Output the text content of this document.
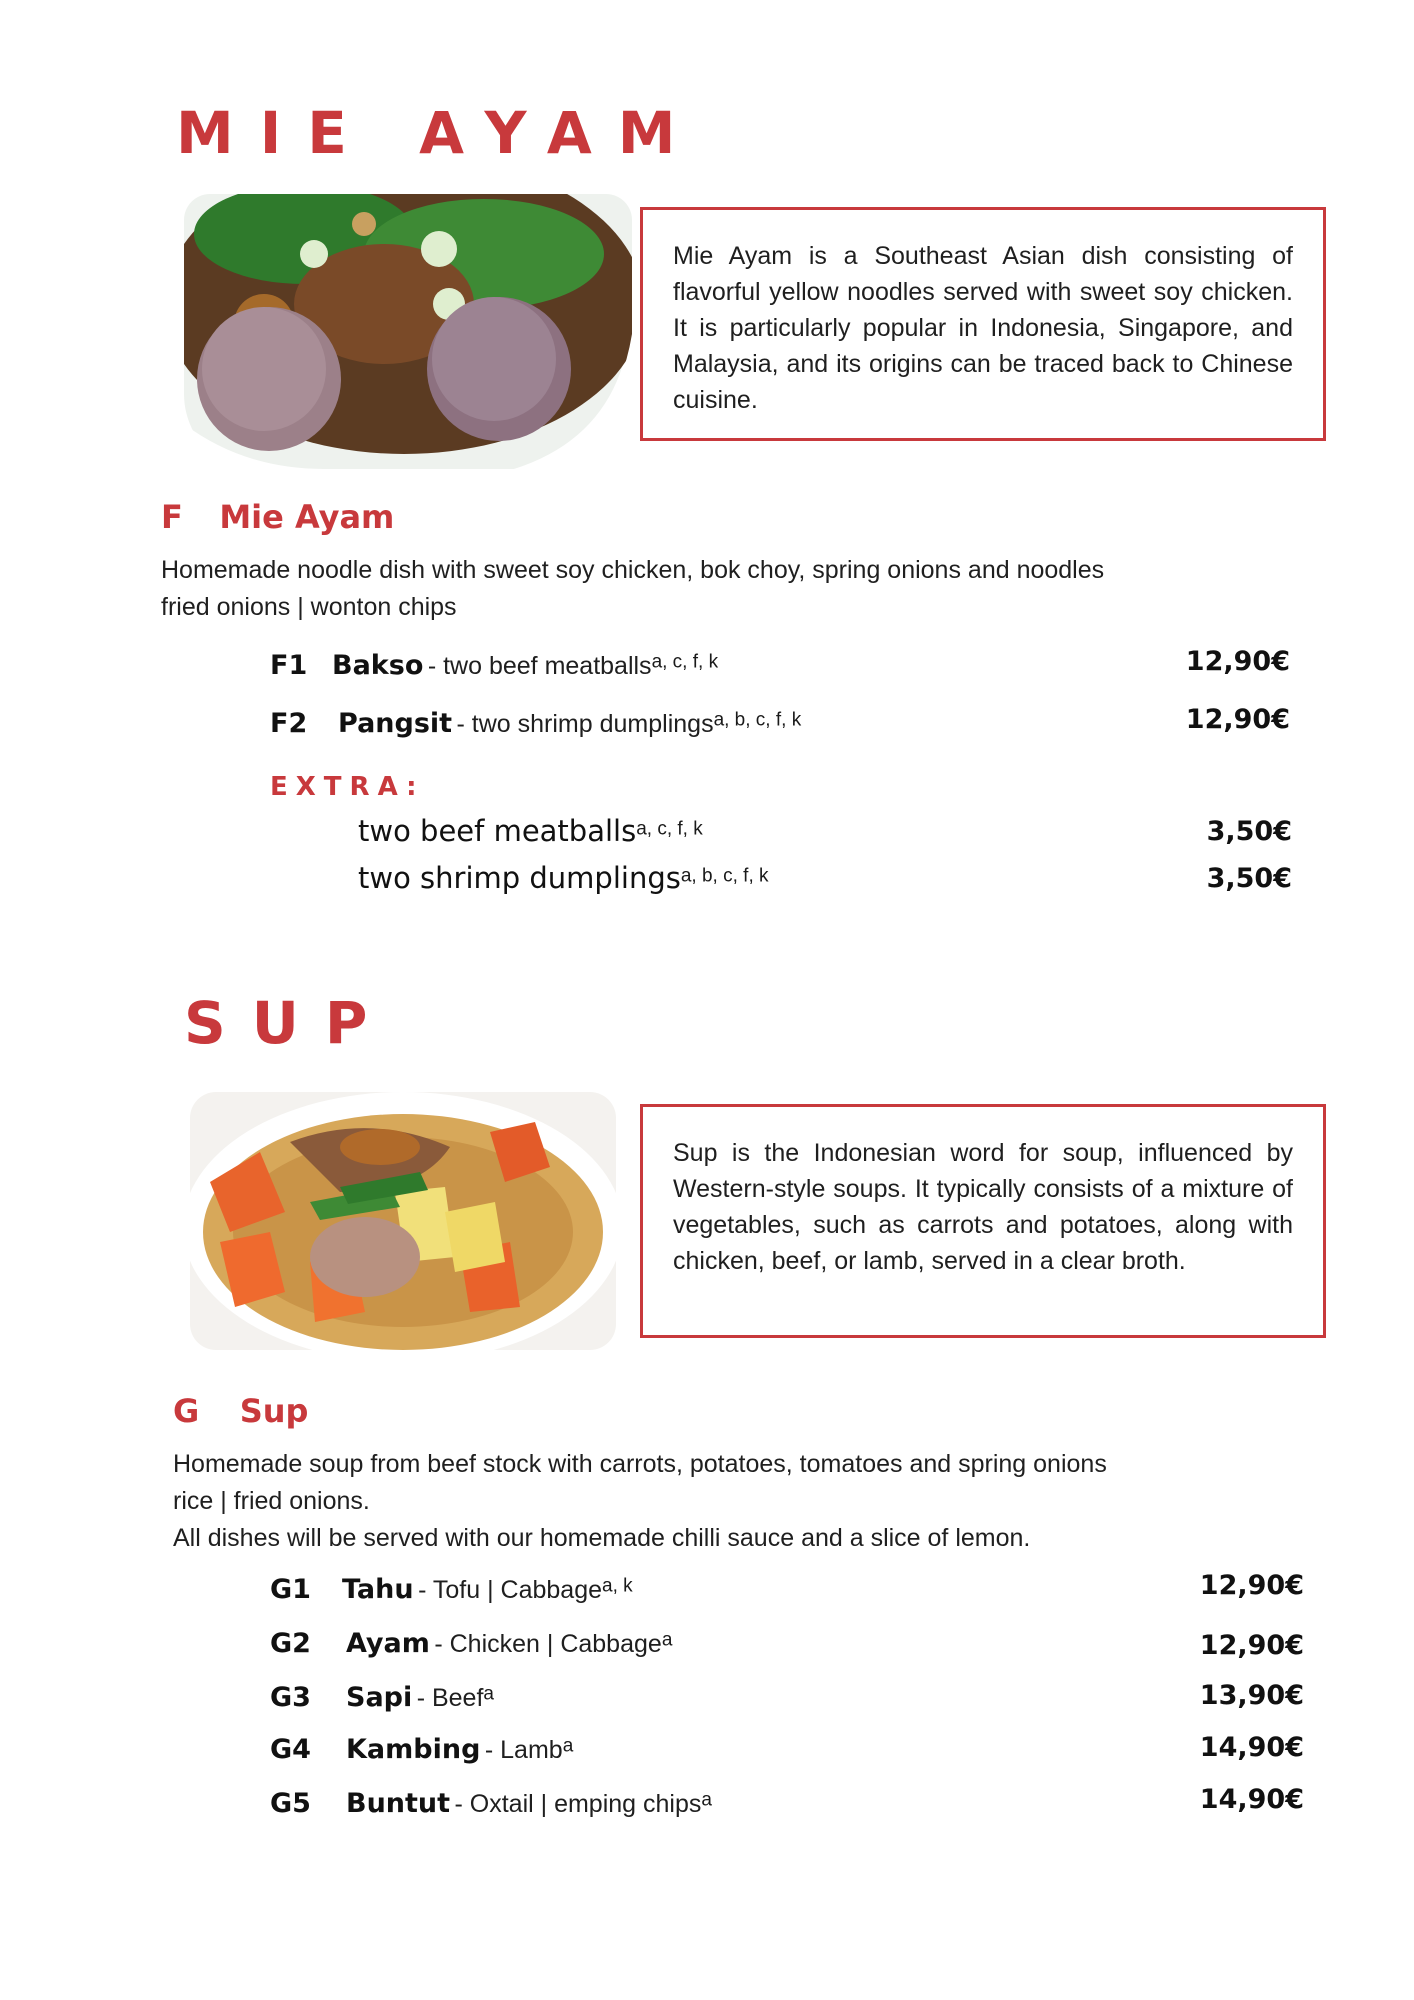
MIE AYAM
Mie Ayam is a Southeast Asian dish consisting of flavorful yellow noodles served with sweet soy chicken. It is particularly popular in Indonesia, Singapore, and Malaysia, and its origins can be traced back to Chinese cuisine.
F Mie Ayam
Homemade noodle dish with sweet soy chicken, bok choy, spring onions and noodles
fried onions | wonton chips
F1 Bakso - two beef meatballsa, c, f, k	12,90€
F2 Pangsit - two shrimp dumplingsa, b, c, f, k	12,90€
EXTRA:
two beef meatballsa, c, f, k	3,50€
two shrimp dumplingsa, b, c, f, k	3,50€
SUP
Sup is the Indonesian word for soup, influenced by Western-style soups. It typically consists of a mixture of vegetables, such as carrots and potatoes, along with chicken, beef, or lamb, served in a clear broth.
G Sup
Homemade soup from beef stock with carrots, potatoes, tomatoes and spring onions
rice | fried onions.
All dishes will be served with our homemade chilli sauce and a slice of lemon.
G1 Tahu - Tofu | Cabbagea, k	12,90€
G2 Ayam - Chicken | Cabbagea	12,90€
G3 Sapi - Beefa	13,90€
G4 Kambing - Lamba	14,90€
G5 Buntut - Oxtail | emping chipsa	14,90€
